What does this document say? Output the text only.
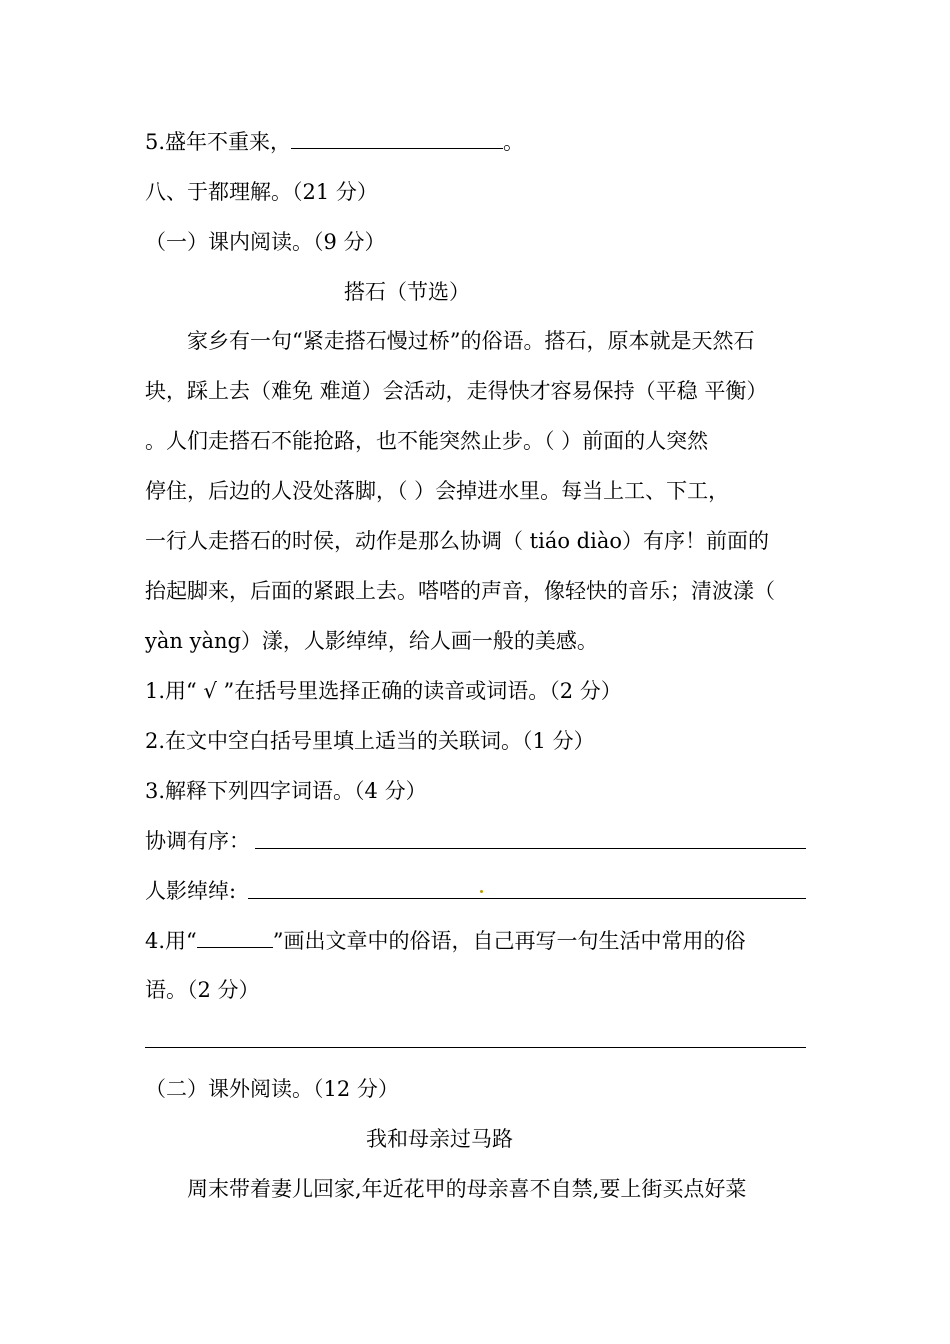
5.盛年不重来，	。
八、于都理解。（21 分）
（一）课内阅读。（9 分）
搭石（节选）
家乡有一句“紧走搭石慢过桥”的俗语。搭石，原本就是天然石
块，踩上去（难免 难道）会活动，走得快才容易保持（平稳 平衡）
。人们走搭石不能抢路，也不能突然止步。（ ）前面的人突然
停住，后边的人没处落脚，（ ）会掉进水里。每当上工、下工，
一行人走搭石的时侯，动作是那么协调（ tiáo diào）有序！前面的
抬起脚来，后面的紧跟上去。嗒嗒的声音，像轻快的音乐；清波漾（
yàn yàng）漾，人影绰绰，给人画一般的美感。
1.用“ √ ”在括号里选择正确的读音或词语。（2 分）
2.在文中空白括号里填上适当的关联词。（1 分）
3.解释下列四字词语。（4 分）
协调有序：
人影绰绰:
4.用“	”画出文章中的俗语，自己再写一句生活中常用的俗
语。（2 分）
（二）课外阅读。（12 分）
我和母亲过马路
周末带着妻儿回家,年近花甲的母亲喜不自禁,要上街买点好菜
